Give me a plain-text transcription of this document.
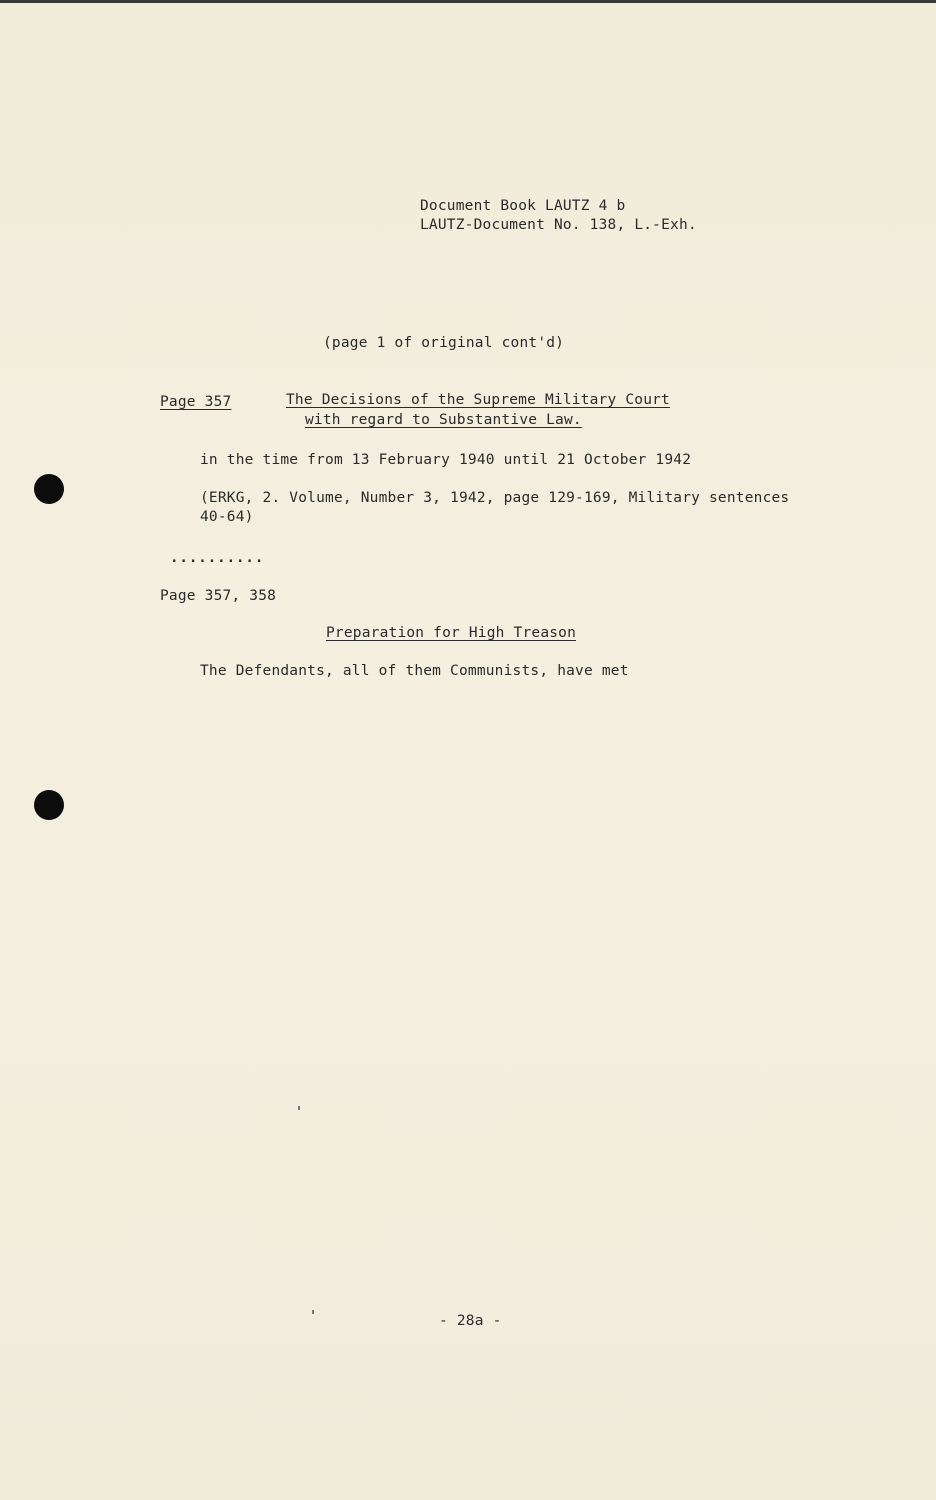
Document Book LAUTZ 4 b
LAUTZ-Document No. 138, L.-Exh.
(page 1 of original cont'd)
Page 357	The Decisions of the Supreme Military Court
with regard to Substantive Law.
in the time from 13 February 1940 until 21 October 1942
(ERKG, 2. Volume, Number 3, 1942, page 129-169, Military sentences
40-64)
..........
Page 357, 358
Preparation for High Treason
The Defendants, all of them Communists, have met
- 28a -
